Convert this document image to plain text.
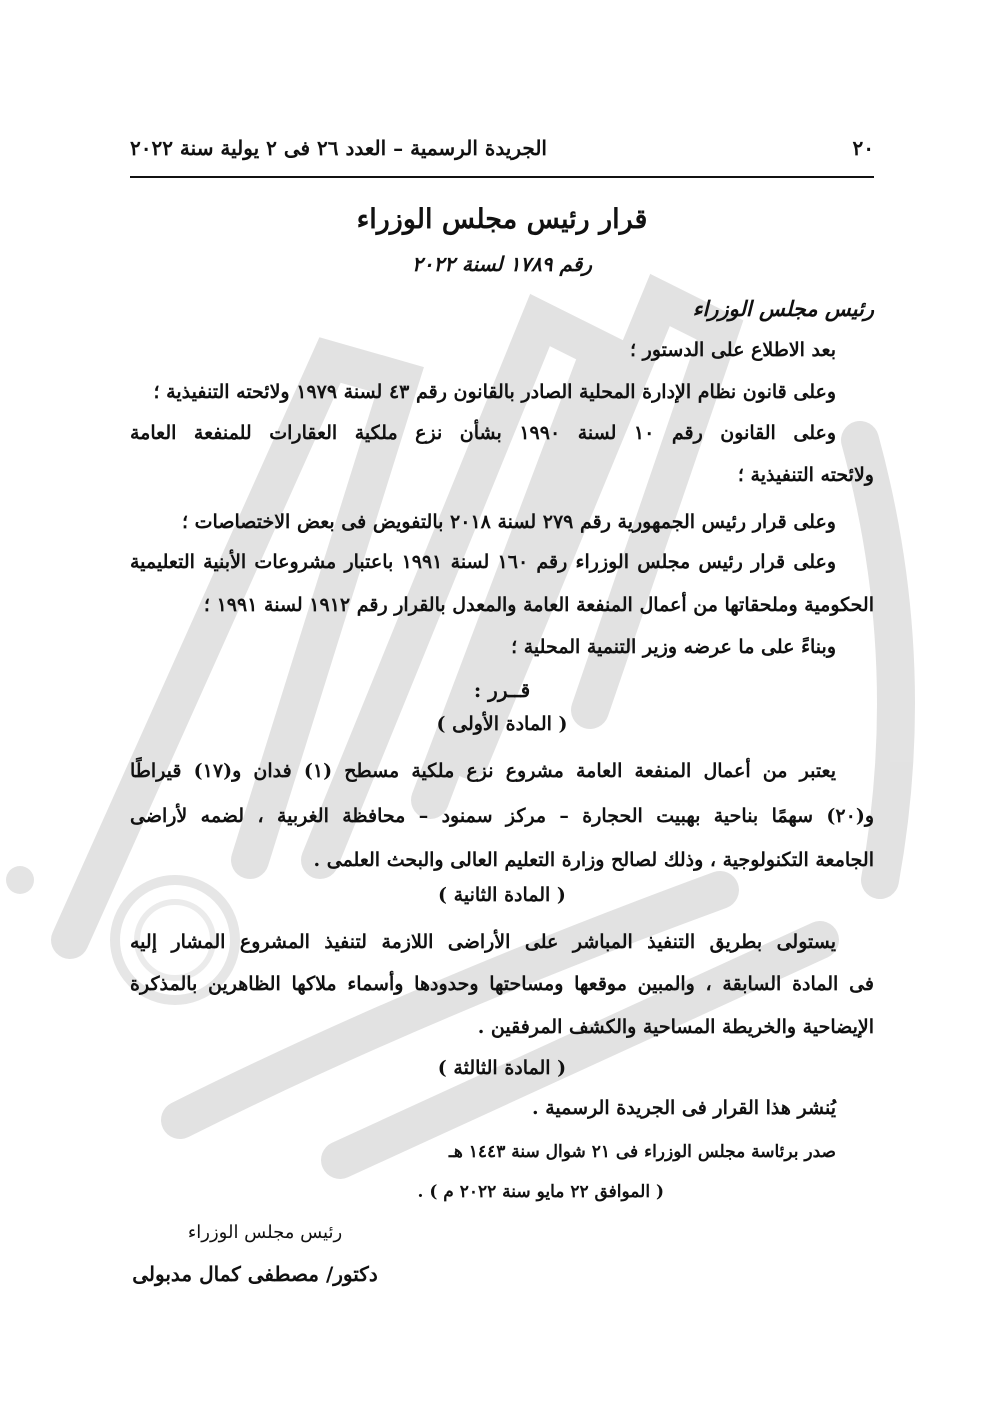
٢٠
الجريدة الرسمية – العدد ٢٦ فى ٢ يولية سنة ٢٠٢٢
قرار رئيس مجلس الوزراء
رقم ١٧٨٩ لسنة ٢٠٢٢
رئيس مجلس الوزراء
بعد الاطلاع على الدستور ؛
وعلى قانون نظام الإدارة المحلية الصادر بالقانون رقم ٤٣ لسنة ١٩٧٩ ولائحته التنفيذية ؛
وعلى القانون رقم ١٠ لسنة ١٩٩٠ بشأن نزع ملكية العقارات للمنفعة العامة
ولائحته التنفيذية ؛
وعلى قرار رئيس الجمهورية رقم ٢٧٩ لسنة ٢٠١٨ بالتفويض فى بعض الاختصاصات ؛
وعلى قرار رئيس مجلس الوزراء رقم ١٦٠ لسنة ١٩٩١ باعتبار مشروعات الأبنية التعليمية
الحكومية وملحقاتها من أعمال المنفعة العامة والمعدل بالقرار رقم ١٩١٢ لسنة ١٩٩١ ؛
وبناءً على ما عرضه وزير التنمية المحلية ؛
قــرر :
( المادة الأولى )
يعتبر من أعمال المنفعة العامة مشروع نزع ملكية مسطح (١) فدان و(١٧) قيراطًا
و(٢٠) سهمًا بناحية بهبيت الحجارة – مركز سمنود – محافظة الغربية ، لضمه لأراضى
الجامعة التكنولوجية ، وذلك لصالح وزارة التعليم العالى والبحث العلمى .
( المادة الثانية )
يستولى بطريق التنفيذ المباشر على الأراضى اللازمة لتنفيذ المشروع المشار إليه
فى المادة السابقة ، والمبين موقعها ومساحتها وحدودها وأسماء ملاكها الظاهرين بالمذكرة
الإيضاحية والخريطة المساحية والكشف المرفقين .
( المادة الثالثة )
يُنشر هذا القرار فى الجريدة الرسمية .
صدر برئاسة مجلس الوزراء فى ٢١ شوال سنة ١٤٤٣ هـ
( الموافق ٢٢ مايو سنة ٢٠٢٢ م ) .
رئيس مجلس الوزراء
دكتور/ مصطفى كمال مدبولى
